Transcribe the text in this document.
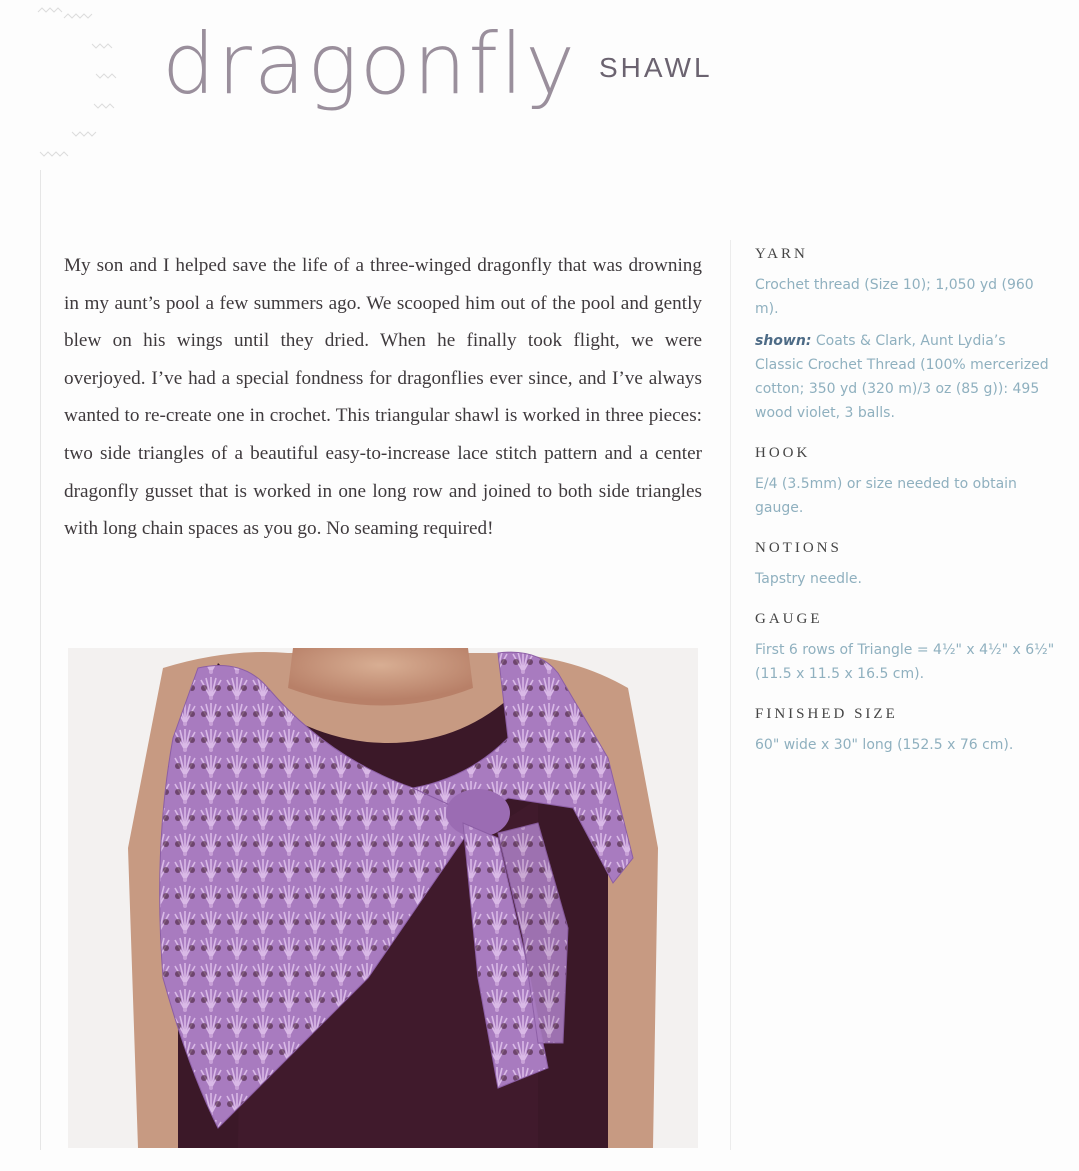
dragonfly SHAWL

My son and I helped save the life of a three-winged dragonfly that was drowning in my aunt’s pool a few summers ago. We scooped him out of the pool and gently blew on his wings until they dried. When he finally took flight, we were overjoyed. I’ve had a special fondness for dragonflies ever since, and I’ve always wanted to re-create one in crochet. This triangular shawl is worked in three pieces: two side triangles of a beautiful easy-to-increase lace stitch pattern and a center dragonfly gusset that is worked in one long row and joined to both side triangles with long chain spaces as you go. No seaming required!

YARN

Crochet thread (Size 10); 1,050 yd (960 m).

shown: Coats & Clark, Aunt Lydia’s Classic Crochet Thread (100% mercerized cotton; 350 yd (320 m)/3 oz (85 g)): 495 wood violet, 3 balls.

HOOK

E/4 (3.5mm) or size needed to obtain gauge.

NOTIONS

Tapstry needle.

GAUGE

First 6 rows of Triangle = 4½" x 4½" x 6½" (11.5 x 11.5 x 16.5 cm).

FINISHED SIZE

60" wide x 30" long (152.5 x 76 cm).
